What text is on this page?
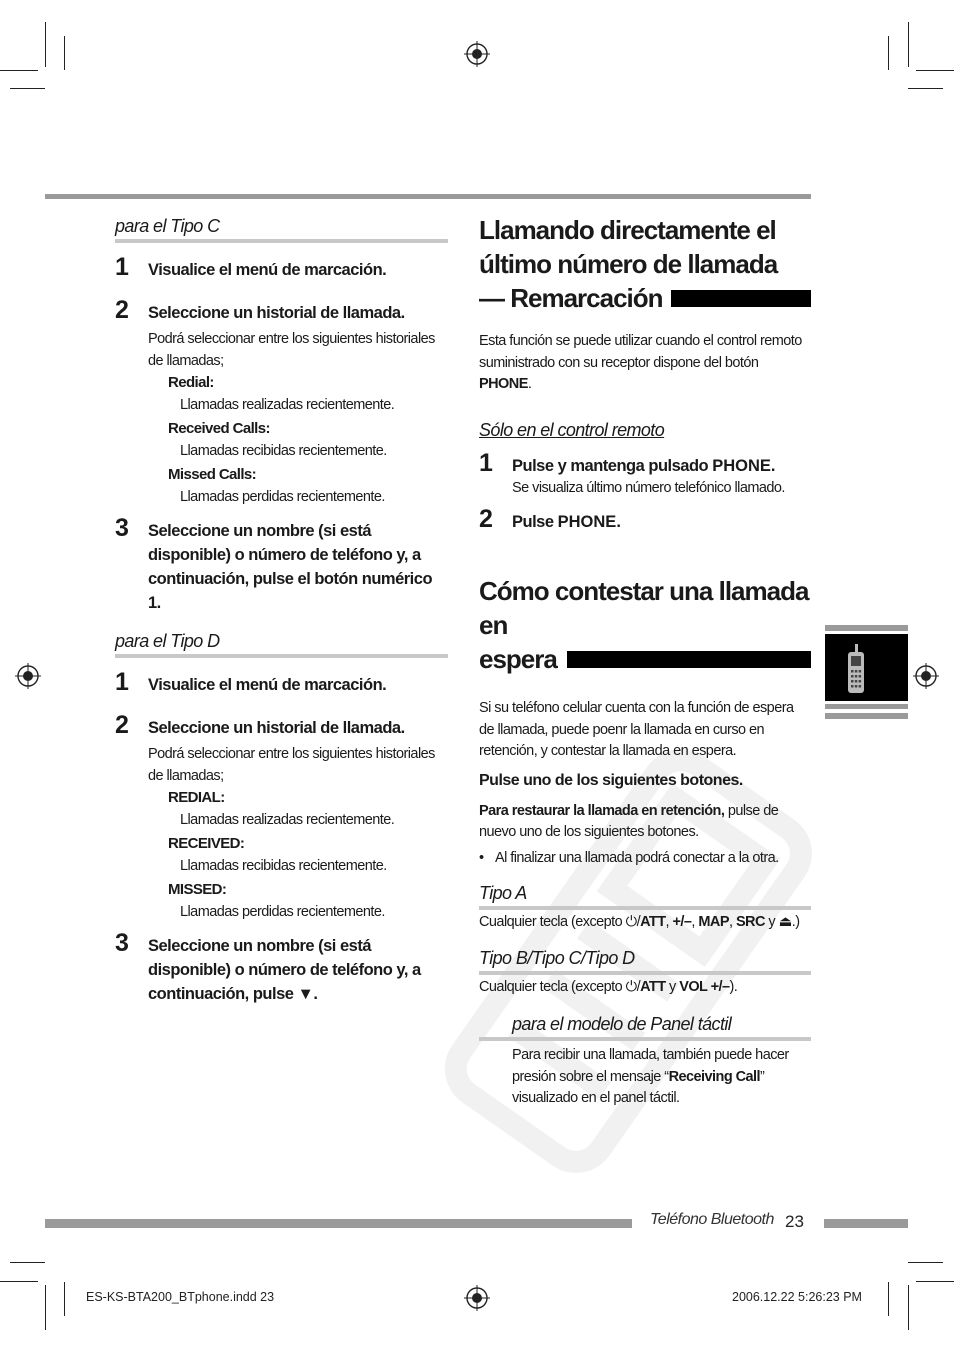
para el Tipo C
1	Visualice el menú de marcación.
2	Seleccione un historial de llamada.
Podrá seleccionar entre los siguientes historiales de llamadas;
Redial:
Llamadas realizadas recientemente.
Received Calls:
Llamadas recibidas recientemente.
Missed Calls:
Llamadas perdidas recientemente.
3	Seleccione un nombre (si está disponible) o número de teléfono y, a continuación, pulse el botón numérico 1.
para el Tipo D
1	Visualice el menú de marcación.
2	Seleccione un historial de llamada.
Podrá seleccionar entre los siguientes historiales de llamadas;
REDIAL:
Llamadas realizadas recientemente.
RECEIVED:
Llamadas recibidas recientemente.
MISSED:
Llamadas perdidas recientemente.
3	Seleccione un nombre (si está disponible) o número de teléfono y, a continuación, pulse ▼.
Llamando directamente el
último número de llamada
— Remarcación
Esta función se puede utilizar cuando el control remoto suministrado con su receptor dispone del botón PHONE.
Sólo en el control remoto
1	Pulse y mantenga pulsado PHONE.
Se visualiza último número telefónico llamado.
2	Pulse PHONE.
Cómo contestar una llamada en
espera
Si su teléfono celular cuenta con la función de espera de llamada, puede poenr la llamada en curso en retención, y contestar la llamada en espera.
Pulse uno de los siguientes botones.
Para restaurar la llamada en retención, pulse de nuevo uno de los siguientes botones.
• Al finalizar una llamada podrá conectar a la otra.
Tipo A
Cualquier tecla (excepto ⏻/ATT, +/–, MAP, SRC y ⏏.)
Tipo B/Tipo C/Tipo D
Cualquier tecla (excepto ⏻/ATT y VOL +/–).
para el modelo de Panel táctil
Para recibir una llamada, también puede hacer presión sobre el mensaje “Receiving Call” visualizado en el panel táctil.
Teléfono Bluetooth 23
ES-KS-BTA200_BTphone.indd 23	2006.12.22 5:26:23 PM
